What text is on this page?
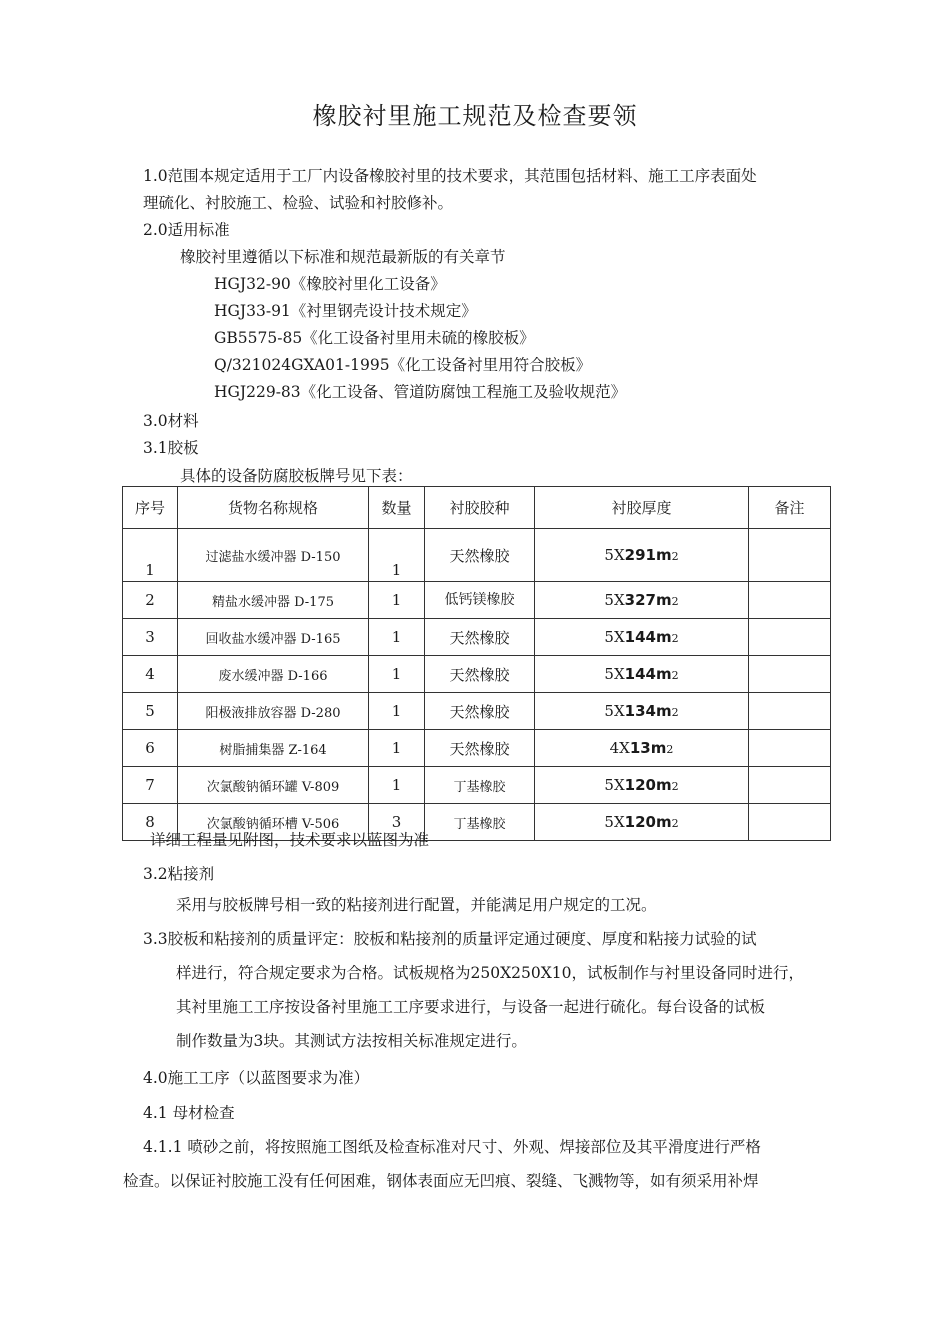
橡胶衬里施工规范及检查要领
1.0范围本规定适用于工厂内设备橡胶衬里的技术要求，其范围包括材料、施工工序表面处
理硫化、衬胶施工、检验、试验和衬胶修补。
2.0适用标准
橡胶衬里遵循以下标准和规范最新版的有关章节
HGJ32-90《橡胶衬里化工设备》
HGJ33-91《衬里钢壳设计技术规定》
GB5575-85《化工设备衬里用未硫的橡胶板》
Q/321024GXA01-1995《化工设备衬里用符合胶板》
HGJ229-83《化工设备、管道防腐蚀工程施工及验收规范》
3.0材料
3.1胶板
具体的设备防腐胶板牌号见下表：
序号	货物名称规格	数量	衬胶胶种	衬胶厚度	备注
1	过滤盐水缓冲器 D-150	1	天然橡胶	5X291m2	
2	精盐水缓冲器 D-175	1	低钙镁橡胶	5X327m2	
3	回收盐水缓冲器 D-165	1	天然橡胶	5X144m2	
4	废水缓冲器 D-166	1	天然橡胶	5X144m2	
5	阳极液排放容器 D-280	1	天然橡胶	5X134m2	
6	树脂捕集器 Z-164	1	天然橡胶	4X13m2	
7	次氯酸钠循环罐 V-809	1	丁基橡胶	5X120m2	
8	次氯酸钠循环槽 V-506	3	丁基橡胶	5X120m2	
详细工程量见附图，技术要求以蓝图为准
3.2粘接剂
采用与胶板牌号相一致的粘接剂进行配置，并能满足用户规定的工况。
3.3胶板和粘接剂的质量评定：胶板和粘接剂的质量评定通过硬度、厚度和粘接力试验的试
样进行，符合规定要求为合格。试板规格为250X250X10，试板制作与衬里设备同时进行，
其衬里施工工序按设备衬里施工工序要求进行，与设备一起进行硫化。每台设备的试板
制作数量为3块。其测试方法按相关标准规定进行。
4.0施工工序（以蓝图要求为准）
4.1 母材检查
4.1.1 喷砂之前，将按照施工图纸及检查标准对尺寸、外观、焊接部位及其平滑度进行严格
检查。以保证衬胶施工没有任何困难，钢体表面应无凹痕、裂缝、飞溅物等，如有须采用补焊
